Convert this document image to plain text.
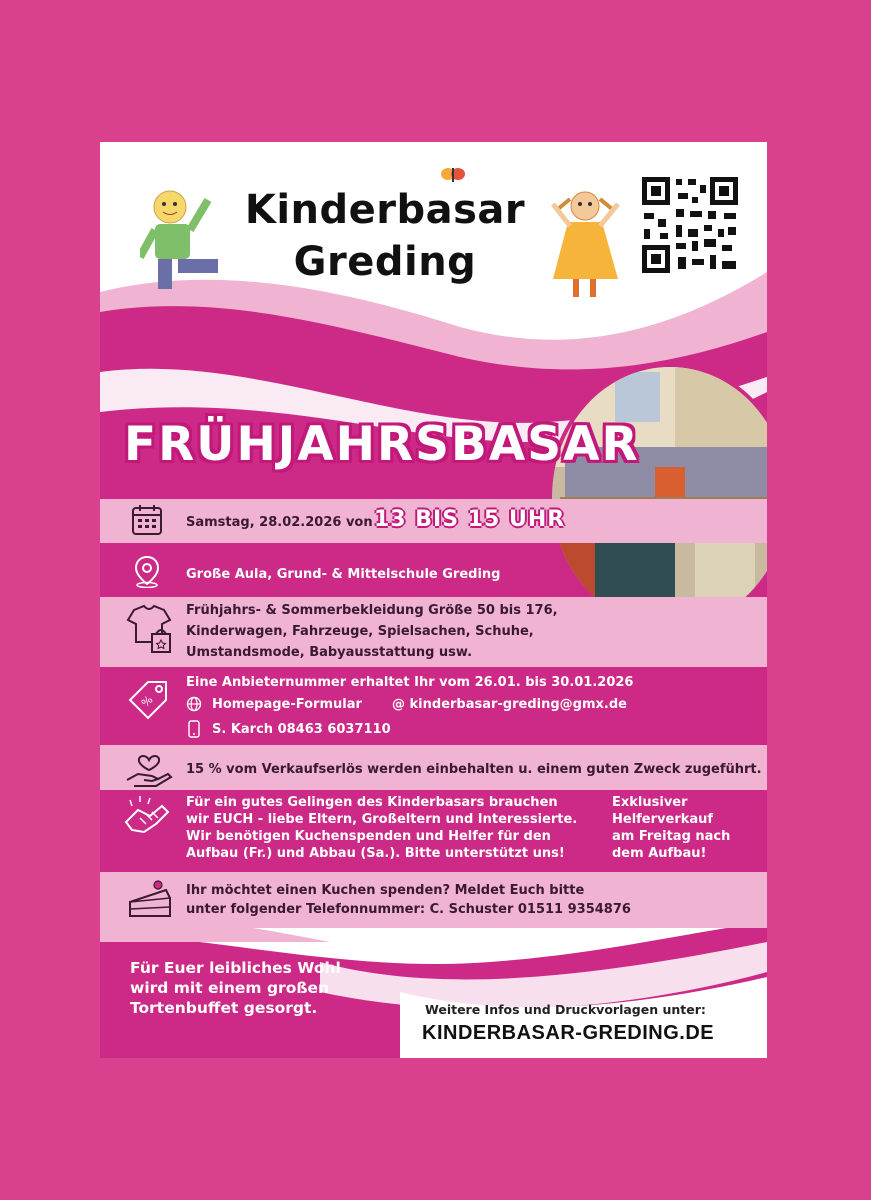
Kinderbasar
Greding
FRÜHJAHRSBASAR
Samstag, 28.02.2026 von 13 BIS 15 UHR
Große Aula, Grund- & Mittelschule Greding
Frühjahrs- & Sommerbekleidung Größe 50 bis 176,
Kinderwagen, Fahrzeuge, Spielsachen, Schuhe,
Umstandsmode, Babyausstattung usw.
%
Eine Anbieternummer erhaltet Ihr vom 26.01. bis 30.01.2026
Homepage-Formular @ kinderbasar-greding@gmx.de
S. Karch 08463 6037110
15 % vom Verkaufserlös werden einbehalten u. einem guten Zweck zugeführt.
Für ein gutes Gelingen des Kinderbasars brauchen
wir EUCH - liebe Eltern, Großeltern und Interessierte.
Wir benötigen Kuchenspenden und Helfer für den
Aufbau (Fr.) und Abbau (Sa.). Bitte unterstützt uns!
Exklusiver
Helferverkauf
am Freitag nach
dem Aufbau!
Ihr möchtet einen Kuchen spenden? Meldet Euch bitte
unter folgender Telefonnummer: C. Schuster 01511 9354876
Für Euer leibliches Wohl
wird mit einem großen
Tortenbuffet gesorgt.	Weitere Infos und Druckvorlagen unter:
KINDERBASAR-GREDING.DE
